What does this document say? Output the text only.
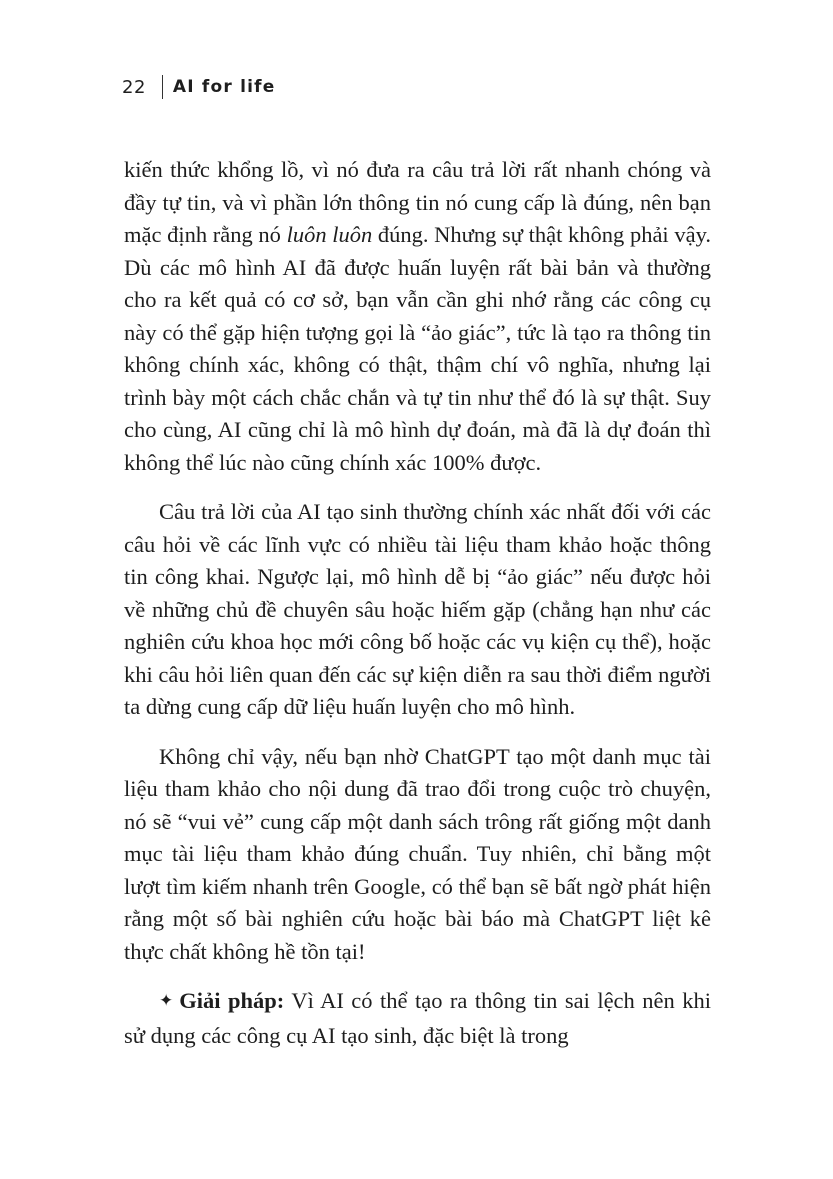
22 AI for life

kiến thức khổng lồ, vì nó đưa ra câu trả lời rất nhanh chóng và đầy tự tin, và vì phần lớn thông tin nó cung cấp là đúng, nên bạn mặc định rằng nó luôn luôn đúng. Nhưng sự thật không phải vậy. Dù các mô hình AI đã được huấn luyện rất bài bản và thường cho ra kết quả có cơ sở, bạn vẫn cần ghi nhớ rằng các công cụ này có thể gặp hiện tượng gọi là “ảo giác”, tức là tạo ra thông tin không chính xác, không có thật, thậm chí vô nghĩa, nhưng lại trình bày một cách chắc chắn và tự tin như thể đó là sự thật. Suy cho cùng, AI cũng chỉ là mô hình dự đoán, mà đã là dự đoán thì không thể lúc nào cũng chính xác 100% được.

Câu trả lời của AI tạo sinh thường chính xác nhất đối với các câu hỏi về các lĩnh vực có nhiều tài liệu tham khảo hoặc thông tin công khai. Ngược lại, mô hình dễ bị “ảo giác” nếu được hỏi về những chủ đề chuyên sâu hoặc hiếm gặp (chẳng hạn như các nghiên cứu khoa học mới công bố hoặc các vụ kiện cụ thể), hoặc khi câu hỏi liên quan đến các sự kiện diễn ra sau thời điểm người ta dừng cung cấp dữ liệu huấn luyện cho mô hình.

Không chỉ vậy, nếu bạn nhờ ChatGPT tạo một danh mục tài liệu tham khảo cho nội dung đã trao đổi trong cuộc trò chuyện, nó sẽ “vui vẻ” cung cấp một danh sách trông rất giống một danh mục tài liệu tham khảo đúng chuẩn. Tuy nhiên, chỉ bằng một lượt tìm kiếm nhanh trên Google, có thể bạn sẽ bất ngờ phát hiện rằng một số bài nghiên cứu hoặc bài báo mà ChatGPT liệt kê thực chất không hề tồn tại!

✦ Giải pháp: Vì AI có thể tạo ra thông tin sai lệch nên khi sử dụng các công cụ AI tạo sinh, đặc biệt là trong
